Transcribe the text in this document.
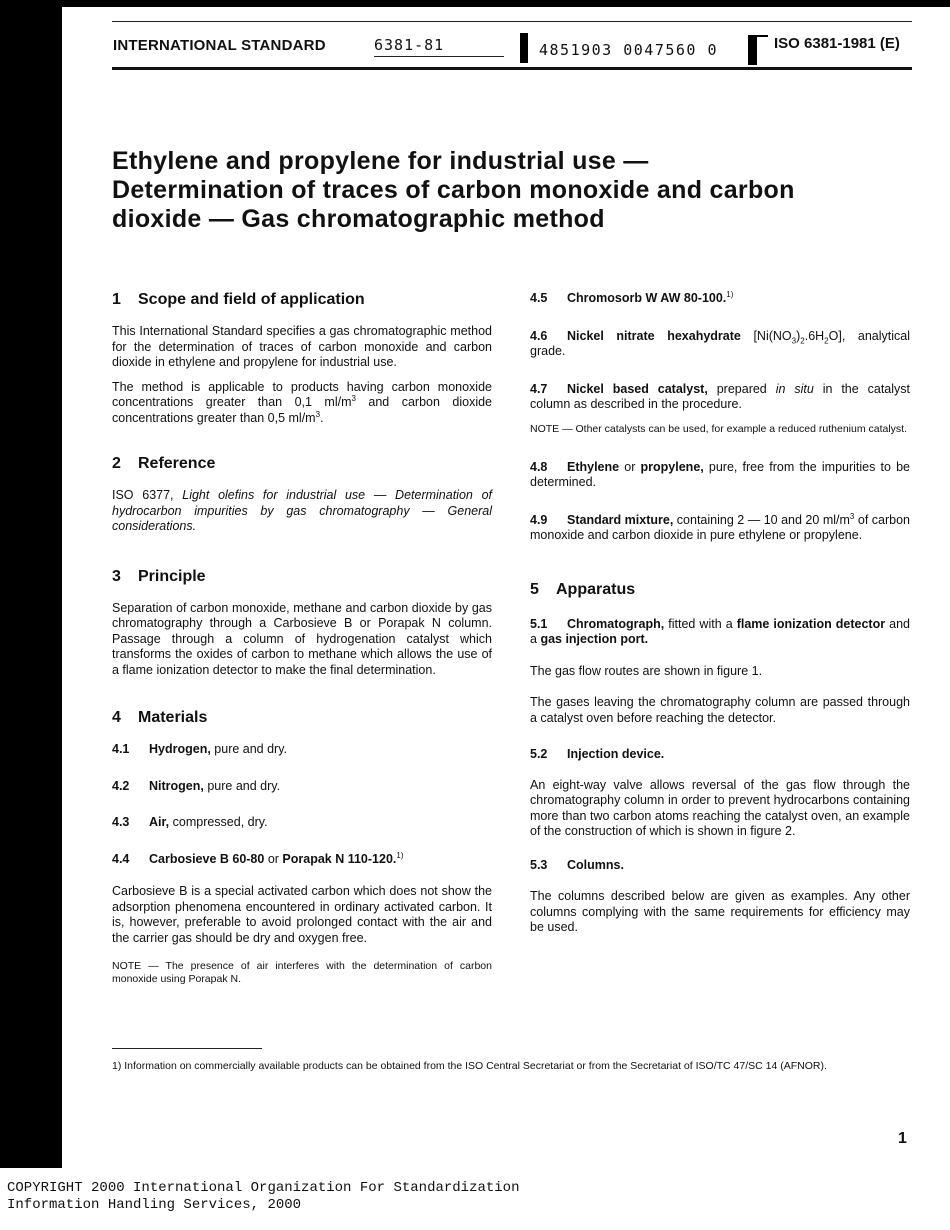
INTERNATIONAL STANDARD	6381-81	4851903 0047560 0	ISO 6381-1981 (E)
Ethylene and propylene for industrial use —
Determination of traces of carbon monoxide and carbon
dioxide — Gas chromatographic method
1 Scope and field of application

This International Standard specifies a gas chromatographic method for the determination of traces of carbon monoxide and carbon dioxide in ethylene and propylene for industrial use.

The method is applicable to products having carbon monoxide concentrations greater than 0,1 $ml/m^3$ and carbon dioxide concentrations greater than 0,5 $ml/m^3$.

2 Reference

ISO 6377, Light olefins for industrial use — Determination of hydrocarbon impurities by gas chromatography — General considerations.

3 Principle

Separation of carbon monoxide, methane and carbon dioxide by gas chromatography through a Carbosieve B or Porapak N column. Passage through a column of hydrogenation catalyst which transforms the oxides of carbon to methane which allows the use of a flame ionization detector to make the final determination.

4 Materials

4.1 Hydrogen, pure and dry.

4.2 Nitrogen, pure and dry.

4.3 Air, compressed, dry.

4.4 Carbosieve B 60-80 or Porapak N 110-120.$^{1)}$

Carbosieve B is a special activated carbon which does not show the adsorption phenomena encountered in ordinary activated carbon. It is, however, preferable to avoid prolonged contact with the air and the carrier gas should be dry and oxygen free.

NOTE — The presence of air interferes with the determination of carbon monoxide using Porapak N.

4.5 Chromosorb W AW 80-100.$^{1)}$

4.6 Nickel nitrate hexahydrate $[Ni(NO_3)_2.6H_2O]$, analytical grade.

4.7 Nickel based catalyst, prepared in situ in the catalyst column as described in the procedure.

NOTE — Other catalysts can be used, for example a reduced ruthenium catalyst.

4.8 Ethylene or propylene, pure, free from the impurities to be determined.

4.9 Standard mixture, containing 2 — 10 and 20 $ml/m^3$ of carbon monoxide and carbon dioxide in pure ethylene or propylene.

5 Apparatus

5.1 Chromatograph, fitted with a flame ionization detector and a gas injection port.

The gas flow routes are shown in figure 1.

The gases leaving the chromatography column are passed through a catalyst oven before reaching the detector.

5.2 Injection device.

An eight-way valve allows reversal of the gas flow through the chromatography column in order to prevent hydrocarbons containing more than two carbon atoms reaching the catalyst oven, an example of the construction of which is shown in figure 2.

5.3 Columns.

The columns described below are given as examples. Any other columns complying with the same requirements for efficiency may be used.

1) Information on commercially available products can be obtained from the ISO Central Secretariat or from the Secretariat of ISO/TC 47/SC 14 (AFNOR).
1
COPYRIGHT 2000 International Organization For Standardization
Information Handling Services, 2000
